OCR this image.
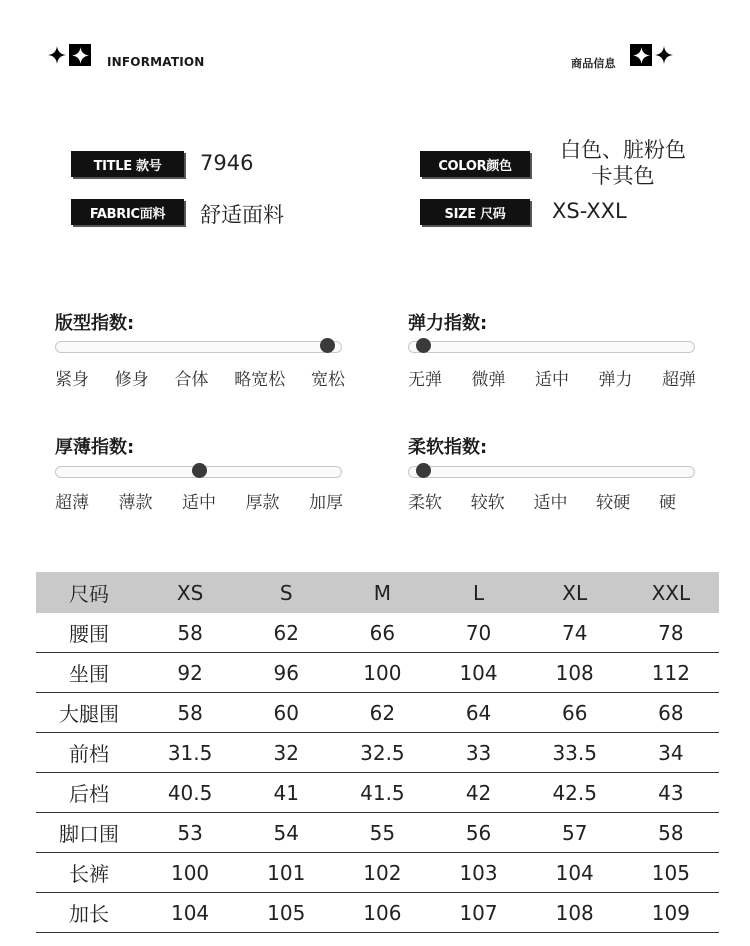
INFORMATION	商品信息
TITLE 款号	7946
FABRIC面料	舒适面料
COLOR颜色
白色、脏粉色
卡其色
SIZE 尺码	XS-XXL
版型指数:
紧身 修身 合体 略宽松 宽松
弹力指数:
无弹 微弹 适中 弹力 超弹
厚薄指数:
超薄 薄款 适中 厚款 加厚
柔软指数:
柔软 较软 适中 较硬 硬
尺码	XS	S	M	L	XL	XXL
腰围	58	62	66	70	74	78
坐围	92	96	100	104	108	112
大腿围	58	60	62	64	66	68
前档	31.5	32	32.5	33	33.5	34
后档	40.5	41	41.5	42	42.5	43
脚口围	53	54	55	56	57	58
长裤	100	101	102	103	104	105
加长	104	105	106	107	108	109
